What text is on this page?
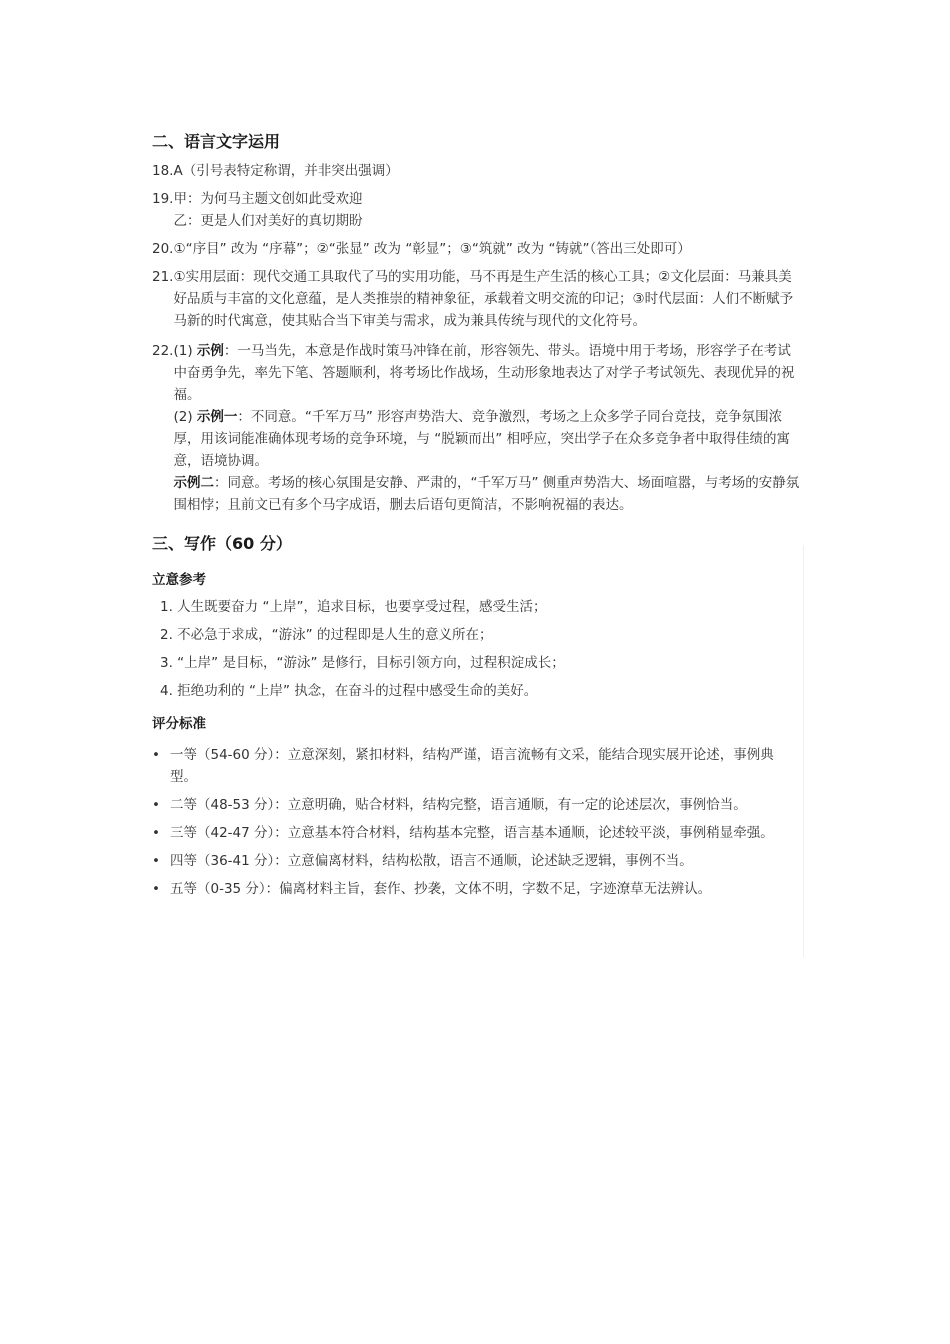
二、语言文字运用
18. A（引号表特定称谓，并非突出强调）
19. 甲：为何马主题文创如此受欢迎
乙：更是人们对美好的真切期盼
20. ①“序目” 改为 “序幕”；②“张显” 改为 “彰显”；③“筑就” 改为 “铸就”（答出三处即可）
21. ①实用层面：现代交通工具取代了马的实用功能，马不再是生产生活的核心工具；②文化层面：马兼具美好品质与丰富的文化意蕴，是人类推崇的精神象征，承载着文明交流的印记；③时代层面：人们不断赋予马新的时代寓意，使其贴合当下审美与需求，成为兼具传统与现代的文化符号。
22. (1) 示例：一马当先，本意是作战时策马冲锋在前，形容领先、带头。语境中用于考场，形容学子在考试中奋勇争先，率先下笔、答题顺利，将考场比作战场，生动形象地表达了对学子考试领先、表现优异的祝福。
(2) 示例一：不同意。“千军万马” 形容声势浩大、竞争激烈，考场之上众多学子同台竞技，竞争氛围浓厚，用该词能准确体现考场的竞争环境，与 “脱颖而出” 相呼应，突出学子在众多竞争者中取得佳绩的寓意，语境协调。
示例二：同意。考场的核心氛围是安静、严肃的，“千军万马” 侧重声势浩大、场面喧嚣，与考场的安静氛围相悖；且前文已有多个马字成语，删去后语句更简洁，不影响祝福的表达。
三、写作（60 分）
立意参考
1. 人生既要奋力 “上岸”，追求目标，也要享受过程，感受生活；
2. 不必急于求成，“游泳” 的过程即是人生的意义所在；
3. “上岸” 是目标，“游泳” 是修行，目标引领方向，过程积淀成长；
4. 拒绝功利的 “上岸” 执念，在奋斗的过程中感受生命的美好。
评分标准
• 一等（54-60 分）：立意深刻，紧扣材料，结构严谨，语言流畅有文采，能结合现实展开论述，事例典型。
• 二等（48-53 分）：立意明确，贴合材料，结构完整，语言通顺，有一定的论述层次，事例恰当。
• 三等（42-47 分）：立意基本符合材料，结构基本完整，语言基本通顺，论述较平淡，事例稍显牵强。
• 四等（36-41 分）：立意偏离材料，结构松散，语言不通顺，论述缺乏逻辑，事例不当。
• 五等（0-35 分）：偏离材料主旨，套作、抄袭，文体不明，字数不足，字迹潦草无法辨认。
